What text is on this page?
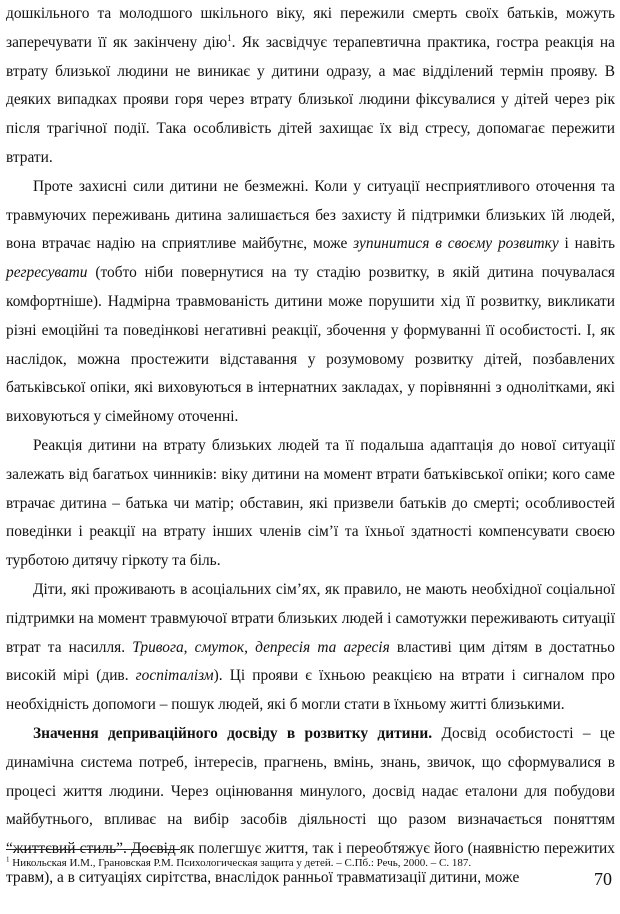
дошкільного та молодшого шкільного віку, які пережили смерть своїх батьків, можуть заперечувати її як закінчену дію$^1$. Як засвідчує терапевтична практика, гостра реакція на втрату близької людини не виникає у дитини одразу, а має відділений термін прояву. В деяких випадках прояви горя через втрату близької людини фіксувалися у дітей через рік після трагічної події. Така особливість дітей захищає їх від стресу, допомагає пережити втрати.

Проте захисні сили дитини не безмежні. Коли у ситуації несприятливого оточення та травмуючих переживань дитина залишається без захисту й підтримки близьких їй людей, вона втрачає надію на сприятливе майбутнє, може зупинитися в своєму розвитку і навіть регресувати (тобто ніби повернутися на ту стадію розвитку, в якій дитина почувалася комфортніше). Надмірна травмованість дитини може порушити хід її розвитку, викликати різні емоційні та поведінкові негативні реакції, збочення у формуванні її особистості. І, як наслідок, можна простежити відставання у розумовому розвитку дітей, позбавлених батьківської опіки, які виховуються в інтернатних закладах, у порівнянні з однолітками, які виховуються у сімейному оточенні.

Реакція дитини на втрату близьких людей та її подальша адаптація до нової ситуації залежать від багатьох чинників: віку дитини на момент втрати батьківської опіки; кого саме втрачає дитина – батька чи матір; обставин, які призвели батьків до смерті; особливостей поведінки і реакції на втрату інших членів сім’ї та їхньої здатності компенсувати своєю турботою дитячу гіркоту та біль.

Діти, які проживають в асоціальних сім’ях, як правило, не мають необхідної соціальної підтримки на момент травмуючої втрати близьких людей і самотужки переживають ситуації втрат та насилля. Тривога, смуток, депресія та агресія властиві цим дітям в достатньо високій мірі (див. госпіталізм). Ці прояви є їхньою реакцією на втрати і сигналом про необхідність допомоги – пошук людей, які б могли стати в їхньому житті близькими.

Значення деприваційного досвіду в розвитку дитини. Досвід особистості – це динамічна система потреб, інтересів, прагнень, вмінь, знань, звичок, що сформувалися в процесі життя людини. Через оцінювання минулого, досвід надає еталони для побудови майбутнього, впливає на вибір засобів діяльності що разом визначається поняттям “життєвий стиль”. Досвід як полегшує життя, так і переобтяжує його (наявністю пережитих травм), а в ситуаціях сирітства, внаслідок ранньої травматизації дитини, може

$^1$ Никольская И.М., Грановская Р.М. Психологическая защита у детей. – С.Пб.: Речь, 2000. – С. 187.
70
